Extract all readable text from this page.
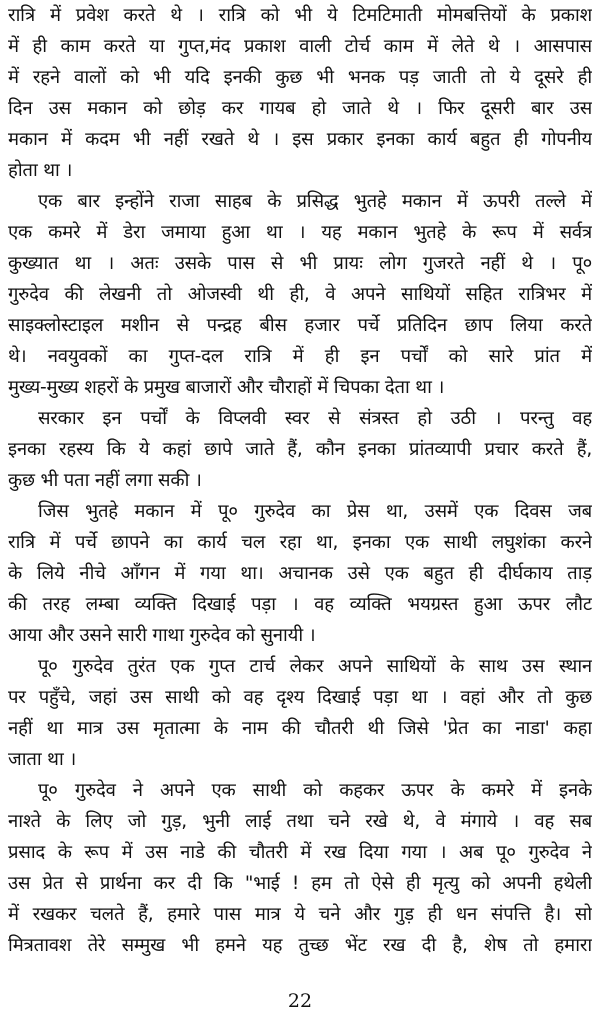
रात्रि में प्रवेश करते थे । रात्रि को भी ये टिमटिमाती मोमबत्तियों के प्रकाश
में ही काम करते या गुप्त,मंद प्रकाश वाली टोर्च काम में लेते थे । आसपास
में रहने वालों को भी यदि इनकी कुछ भी भनक पड़ जाती तो ये दूसरे ही
दिन उस मकान को छोड़ कर गायब हो जाते थे । फिर दूसरी बार उस
मकान में कदम भी नहीं रखते थे । इस प्रकार इनका कार्य बहुत ही गोपनीय
होता था ।
एक बार इन्होंने राजा साहब के प्रसिद्ध भुतहे मकान में ऊपरी तल्ले में
एक कमरे में डेरा जमाया हुआ था । यह मकान भुतहे के रूप में सर्वत्र
कुख्यात था । अतः उसके पास से भी प्रायः लोग गुजरते नहीं थे । पू०
गुरुदेव की लेखनी तो ओजस्वी थी ही, वे अपने साथियों सहित रात्रिभर में
साइक्लोस्टाइल मशीन से पन्द्रह बीस हजार पर्चे प्रतिदिन छाप लिया करते
थे। नवयुवकों का गुप्त-दल रात्रि में ही इन पर्चों को सारे प्रांत में
मुख्य-मुख्य शहरों के प्रमुख बाजारों और चौराहों में चिपका देता था ।
सरकार इन पर्चों के विप्लवी स्वर से संत्रस्त हो उठी । परन्तु वह
इनका रहस्य कि ये कहां छापे जाते हैं, कौन इनका प्रांतव्यापी प्रचार करते हैं,
कुछ भी पता नहीं लगा सकी ।
जिस भुतहे मकान में पू० गुरुदेव का प्रेस था, उसमें एक दिवस जब
रात्रि में पर्चे छापने का कार्य चल रहा था, इनका एक साथी लघुशंका करने
के लिये नीचे आँगन में गया था। अचानक उसे एक बहुत ही दीर्घकाय ताड़
की तरह लम्बा व्यक्ति दिखाई पड़ा । वह व्यक्ति भयग्रस्त हुआ ऊपर लौट
आया और उसने सारी गाथा गुरुदेव को सुनायी ।
पू० गुरुदेव तुरंत एक गुप्त टार्च लेकर अपने साथियों के साथ उस स्थान
पर पहुँचे, जहां उस साथी को वह दृश्य दिखाई पड़ा था । वहां और तो कुछ
नहीं था मात्र उस मृतात्मा के नाम की चौतरी थी जिसे 'प्रेत का नाडा' कहा
जाता था ।
पू० गुरुदेव ने अपने एक साथी को कहकर ऊपर के कमरे में इनके
नाश्ते के लिए जो गुड़, भुनी लाई तथा चने रखे थे, वे मंगाये । वह सब
प्रसाद के रूप में उस नाडे की चौतरी में रख दिया गया । अब पू० गुरुदेव ने
उस प्रेत से प्रार्थना कर दी कि "भाई ! हम तो ऐसे ही मृत्यु को अपनी हथेली
में रखकर चलते हैं, हमारे पास मात्र ये चने और गुड़ ही धन संपत्ति है। सो
मित्रतावश तेरे सम्मुख भी हमने यह तुच्छ भेंट रख दी है, शेष तो हमारा
22
